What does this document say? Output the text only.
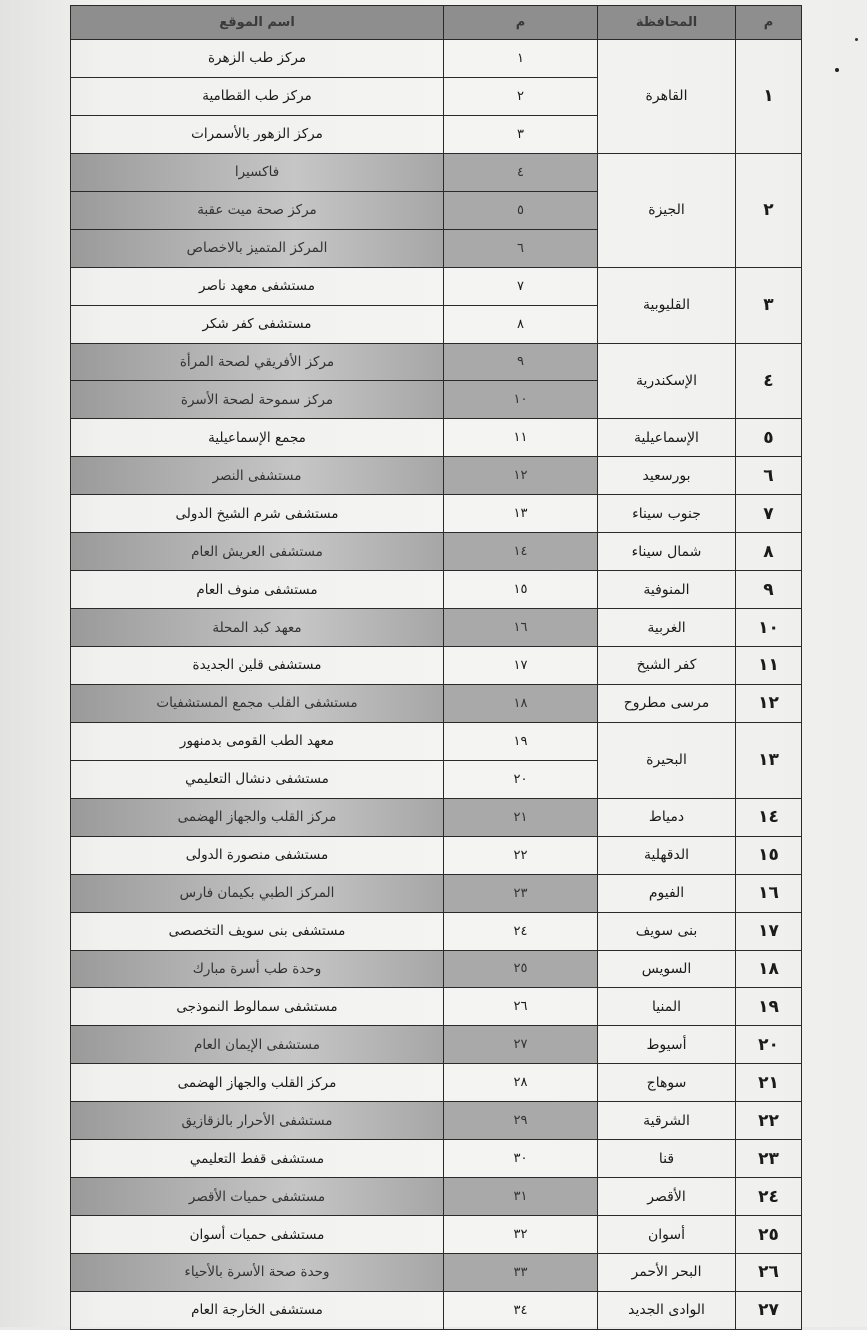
م	المحافظة	م	اسم الموقع
١	القاهرة	١	مركز طب الزهرة
		٢	مركز طب القطامية
		٣	مركز الزهور بالأسمرات
٢	الجيزة	٤	فاكسيرا
		٥	مركز صحة ميت عقبة
		٦	المركز المتميز بالاخصاص
٣	القليوبية	٧	مستشفى معهد ناصر
		٨	مستشفى كفر شكر
٤	الإسكندرية	٩	مركز الأفريقي لصحة المرأة
		١٠	مركز سموحة لصحة الأسرة
٥	الإسماعيلية	١١	مجمع الإسماعيلية
٦	بورسعيد	١٢	مستشفى النصر
٧	جنوب سيناء	١٣	مستشفى شرم الشيخ الدولى
٨	شمال سيناء	١٤	مستشفى العريش العام
٩	المنوفية	١٥	مستشفى منوف العام
١٠	الغربية	١٦	معهد كبد المحلة
١١	كفر الشيخ	١٧	مستشفى قلين الجديدة
١٢	مرسى مطروح	١٨	مستشفى القلب مجمع المستشفيات
١٣	البحيرة	١٩	معهد الطب القومى بدمنهور
		٢٠	مستشفى دنشال التعليمي
١٤	دمياط	٢١	مركز القلب والجهاز الهضمى
١٥	الدقهلية	٢٢	مستشفى منصورة الدولى
١٦	الفيوم	٢٣	المركز الطبي بكيمان فارس
١٧	بنى سويف	٢٤	مستشفى بنى سويف التخصصى
١٨	السويس	٢٥	وحدة طب أسرة مبارك
١٩	المنيا	٢٦	مستشفى سمالوط النموذجى
٢٠	أسيوط	٢٧	مستشفى الإيمان العام
٢١	سوهاج	٢٨	مركز القلب والجهاز الهضمى
٢٢	الشرقية	٢٩	مستشفى الأحرار بالزقازيق
٢٣	قنا	٣٠	مستشفى قفط التعليمي
٢٤	الأقصر	٣١	مستشفى حميات الأقصر
٢٥	أسوان	٣٢	مستشفى حميات أسوان
٢٦	البحر الأحمر	٣٣	وحدة صحة الأسرة بالأحياء
٢٧	الوادى الجديد	٣٤	مستشفى الخارجة العام
